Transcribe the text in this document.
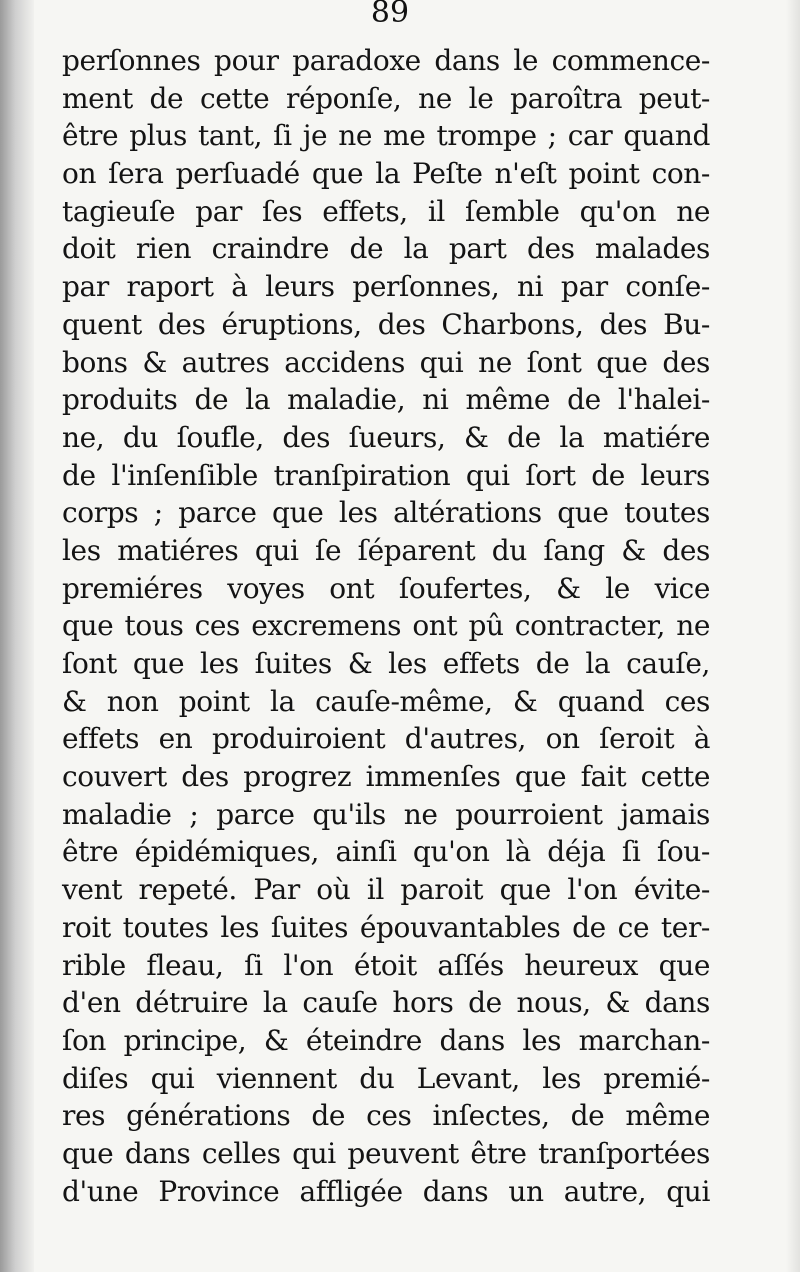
89
perſonnes pour paradoxe dans le commence-
ment de cette réponſe, ne le paroîtra peut-
être plus tant, ſi je ne me trompe ; car quand
on ſera perſuadé que la Peſte n'eſt point con-
tagieuſe par ſes effets, il ſemble qu'on ne
doit rien craindre de la part des malades
par raport à leurs perſonnes, ni par conſe-
quent des éruptions, des Charbons, des Bu-
bons & autres accidens qui ne ſont que des
produits de la maladie, ni même de l'halei-
ne, du ſoufle, des ſueurs, & de la matiére
de l'inſenſible tranſpiration qui ſort de leurs
corps ; parce que les altérations que toutes
les matiéres qui ſe ſéparent du ſang & des
premiéres voyes ont ſoufertes, & le vice
que tous ces excremens ont pû contracter, ne
ſont que les ſuites & les effets de la cauſe,
& non point la cauſe-même, & quand ces
effets en produiroient d'autres, on ſeroit à
couvert des progrez immenſes que fait cette
maladie ; parce qu'ils ne pourroient jamais
être épidémiques, ainſi qu'on là déja ſi ſou-
vent repeté. Par où il paroit que l'on évite-
roit toutes les ſuites épouvantables de ce ter-
rible fleau, ſi l'on étoit aſſés heureux que
d'en détruire la cauſe hors de nous, & dans
ſon principe, & éteindre dans les marchan-
diſes qui viennent du Levant, les premié-
res générations de ces inſectes, de même
que dans celles qui peuvent être tranſportées
d'une Province affligée dans un autre, qui
